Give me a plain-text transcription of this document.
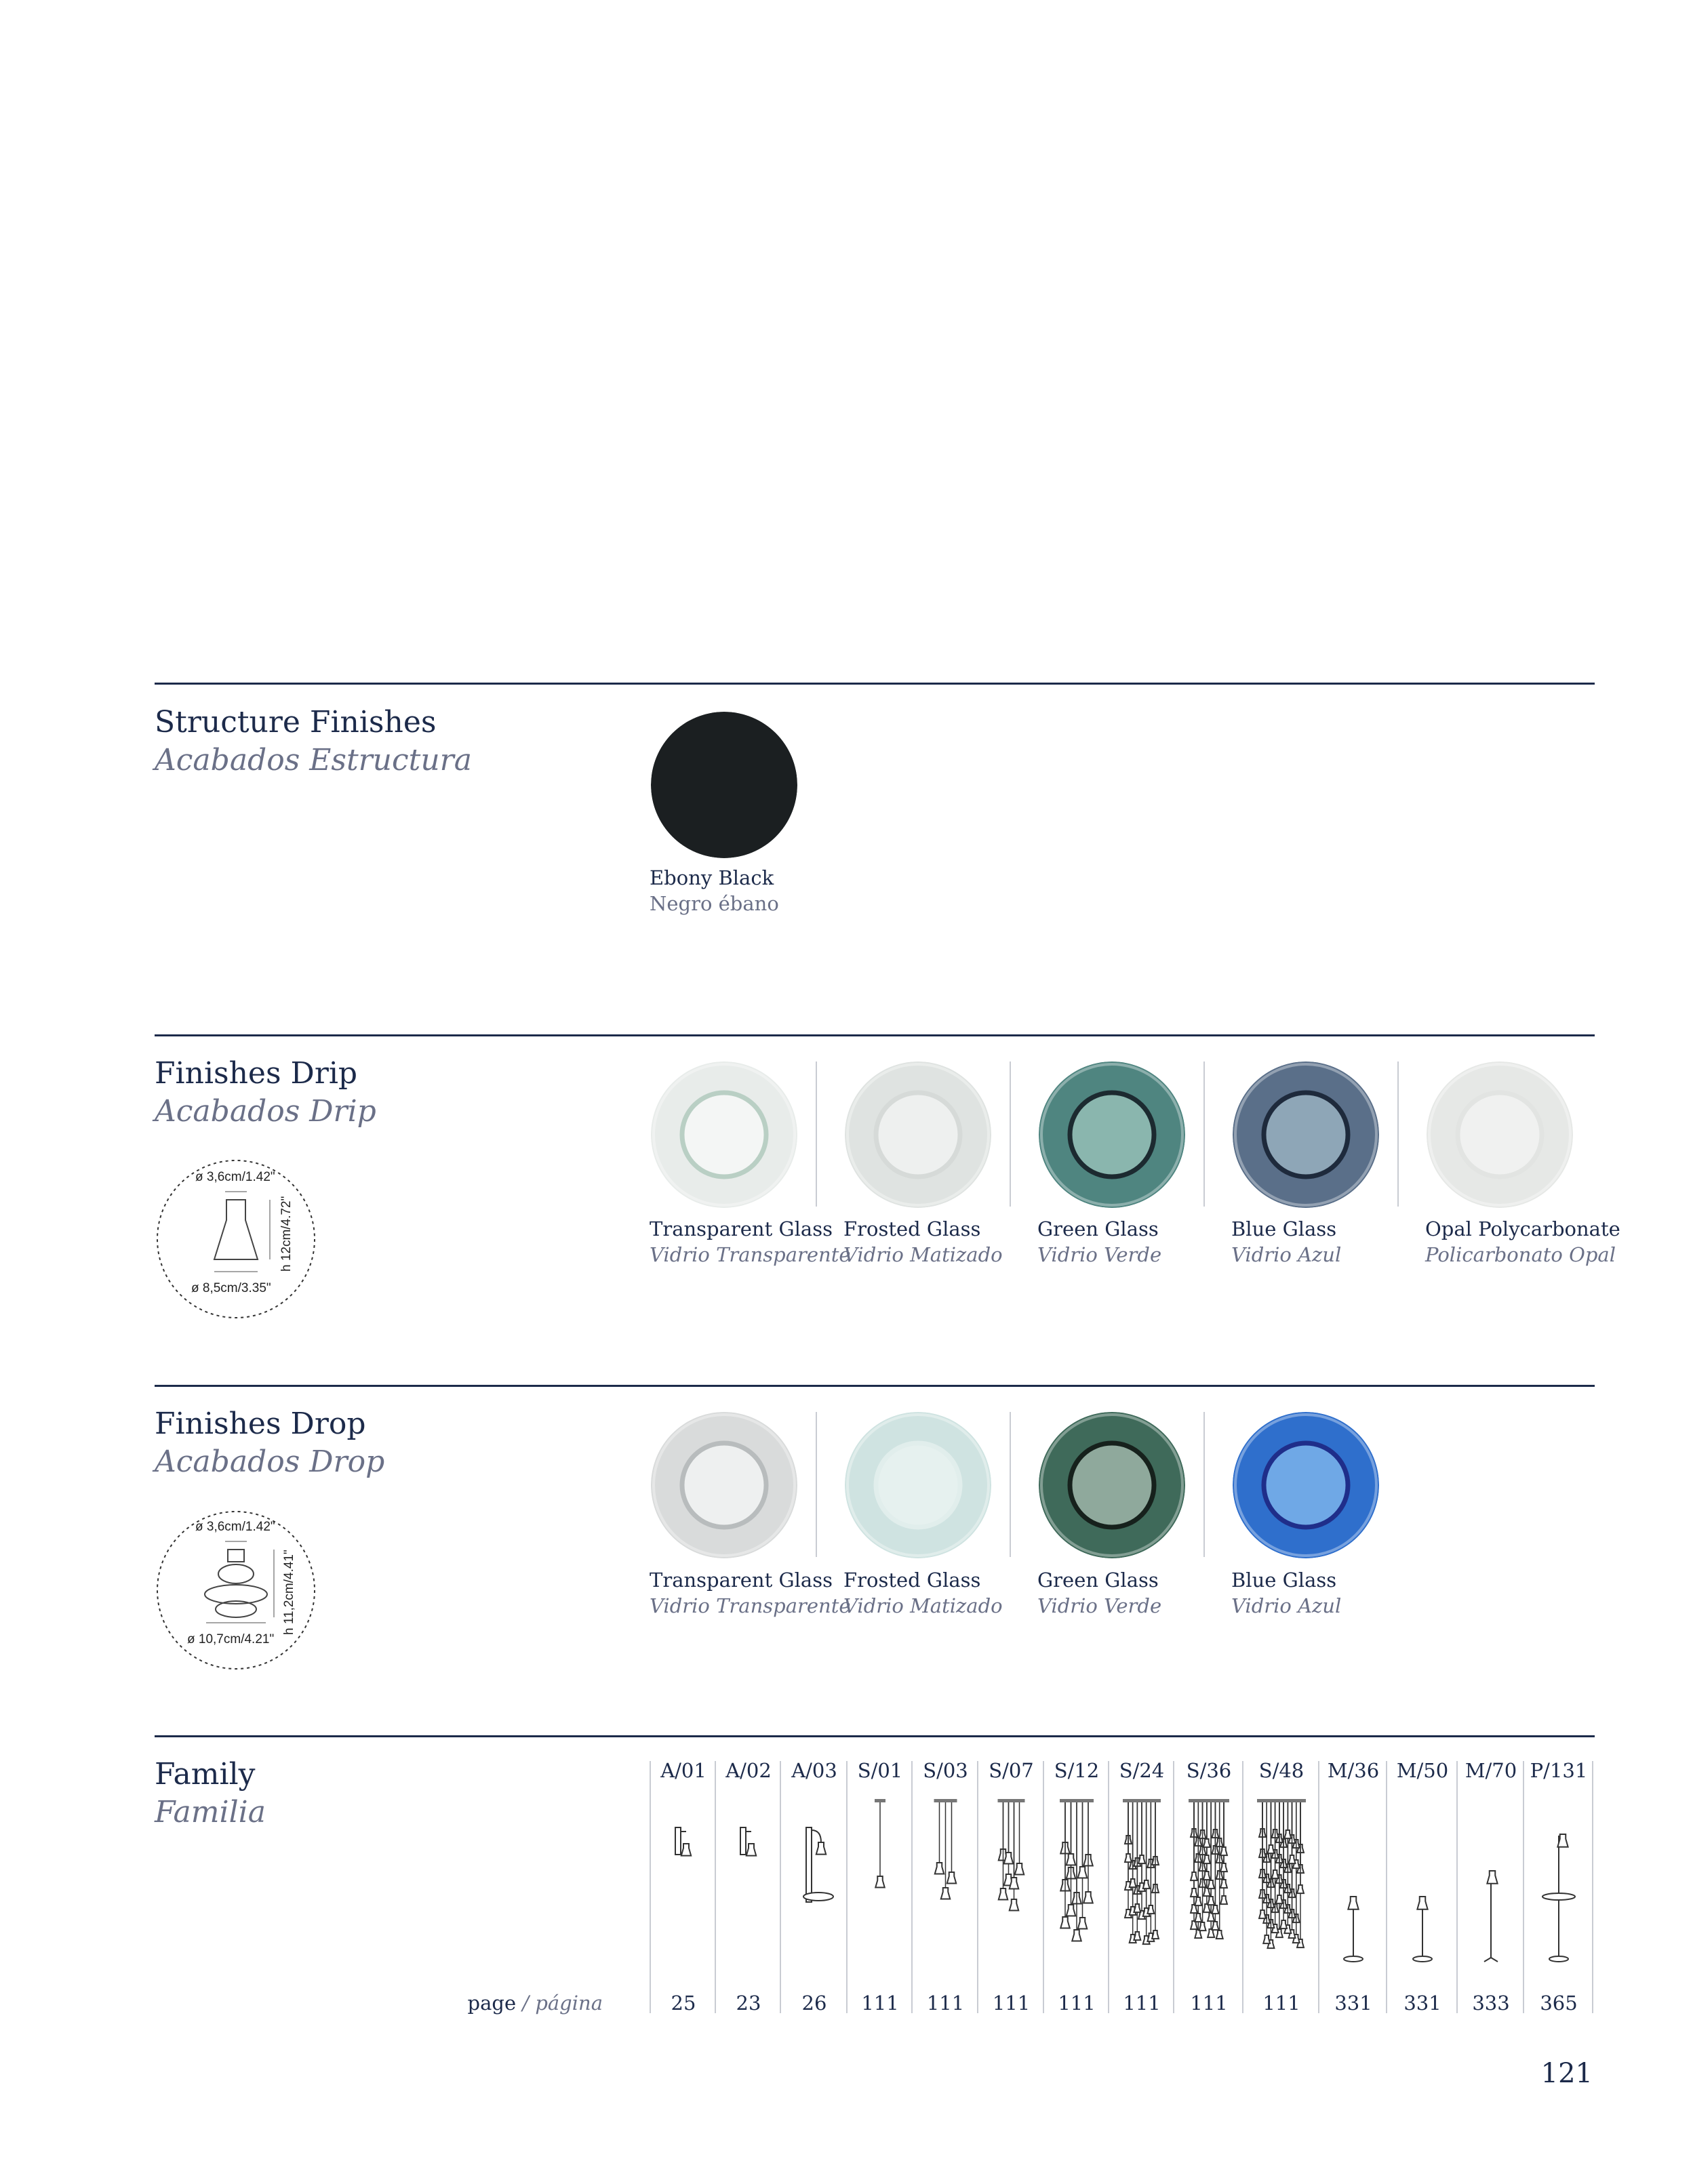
Structure Finishes
Acabados Estructura
Ebony Black
Negro ébano
Finishes Drip
Acabados Drip
ø 3,6cm/1.42"
ø 8,5cm/3.35"
h 12cm/4.72"	Transparent Glass
Vidrio Transparente
Frosted Glass
Vidrio Matizado
Green Glass
Vidrio Verde
Blue Glass
Vidrio Azul
Opal Polycarbonate
Policarbonato Opal
Finishes Drop
Acabados Drop
ø 3,6cm/1.42"
ø 10,7cm/4.21"
h 11,2cm/4.41"	Transparent Glass
Vidrio Transparente
Frosted Glass
Vidrio Matizado
Green Glass
Vidrio Verde
Blue Glass
Vidrio Azul
Family
Familia
page / página
A/01
25
A/02
23
A/03
26
S/01
111
S/03
111
S/07
111
S/12
111
S/24
111
S/36
111
S/48
111
M/36
331
M/50
331
M/70
333
P/131
365
121
